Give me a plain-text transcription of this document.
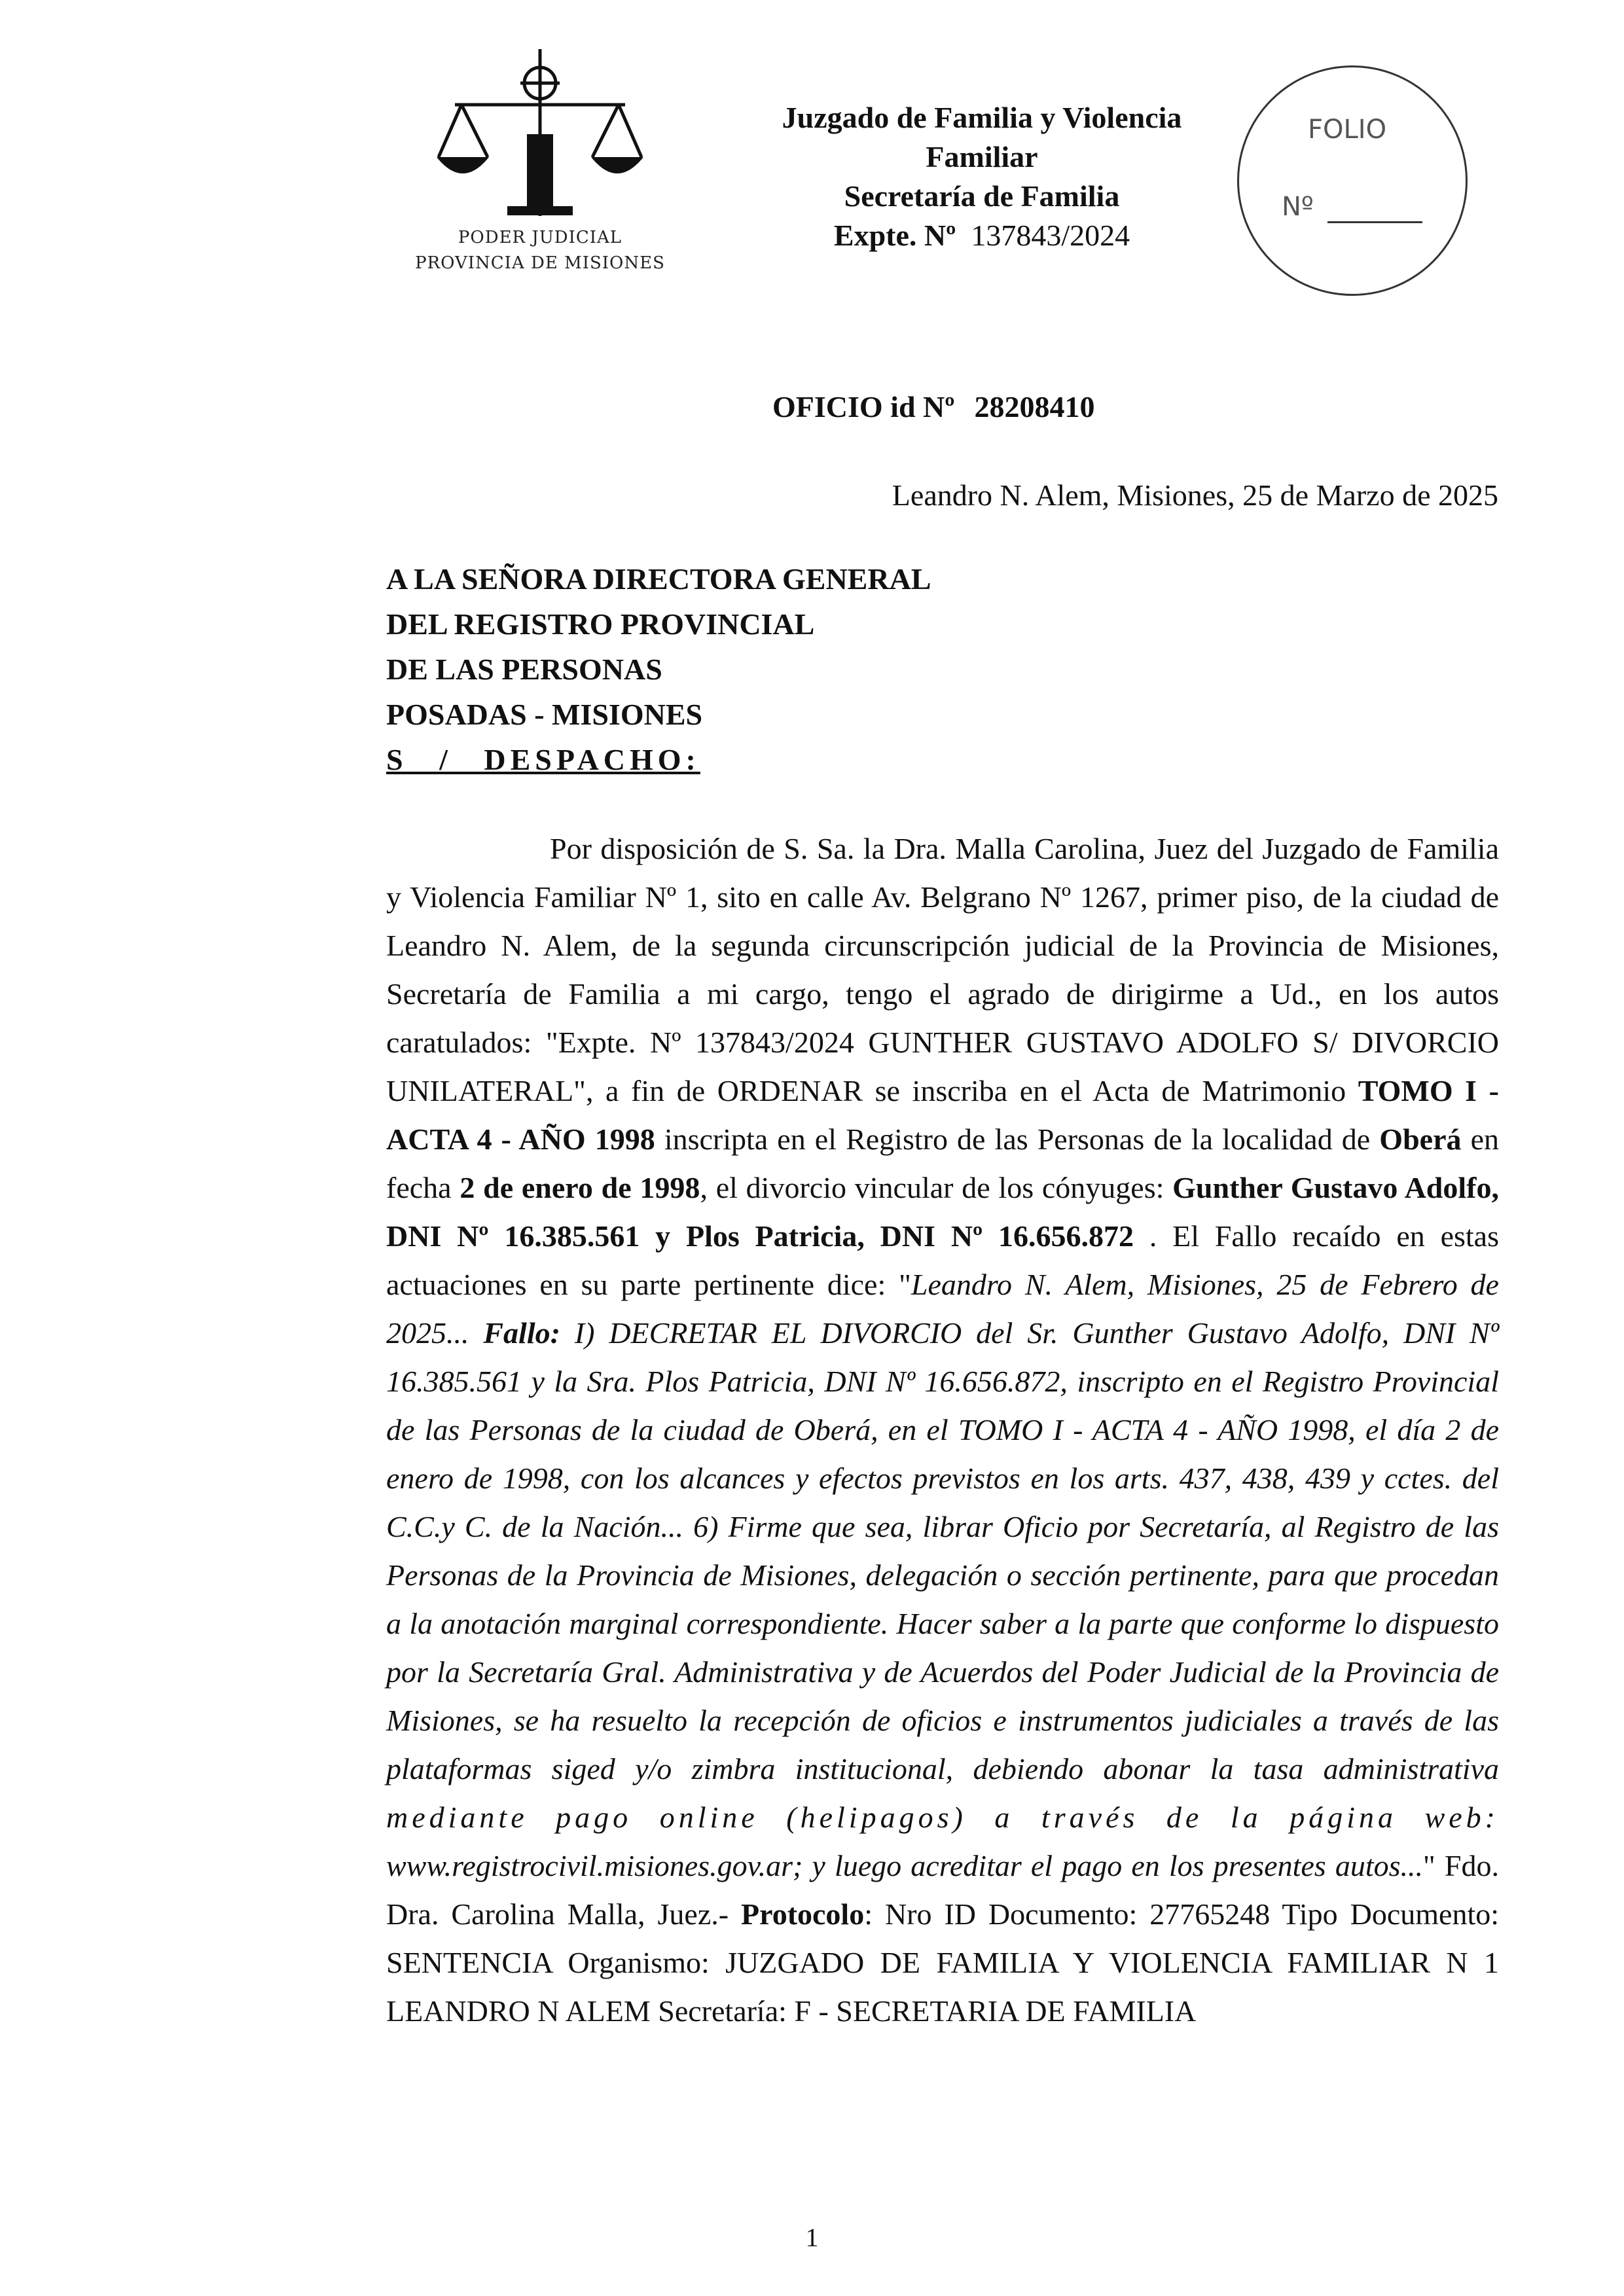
PODER JUDICIAL
PROVINCIA DE MISIONES
Juzgado de Familia y Violencia
Familiar
Secretaría de Familia
Expte. Nº 137843/2024
FOLIO
Nº
OFICIO id Nº 28208410
Leandro N. Alem, Misiones, 25 de Marzo de 2025
A LA SEÑORA DIRECTORA GENERAL
DEL REGISTRO PROVINCIAL
DE LAS PERSONAS
POSADAS - MISIONES
S / DESPACHO:
Por disposición de S. Sa. la Dra. Malla Carolina, Juez del Juzgado de Familia y Violencia Familiar Nº 1, sito en calle Av. Belgrano Nº 1267, primer piso, de la ciudad de Leandro N. Alem, de la segunda circunscripción judicial de la Provincia de Misiones, Secretaría de Familia a mi cargo, tengo el agrado de dirigirme a Ud., en los autos caratulados: "Expte. Nº 137843/2024 GUNTHER GUSTAVO ADOLFO S/ DIVORCIO UNILATERAL", a fin de ORDENAR se inscriba en el Acta de Matrimonio TOMO I - ACTA 4 - AÑO 1998 inscripta en el Registro de las Personas de la localidad de Oberá en fecha 2 de enero de 1998, el divorcio vincular de los cónyuges: Gunther Gustavo Adolfo, DNI Nº 16.385.561 y Plos Patricia, DNI Nº 16.656.872 . El Fallo recaído en estas actuaciones en su parte pertinente dice: "Leandro N. Alem, Misiones, 25 de Febrero de 2025... Fallo: I) DECRETAR EL DIVORCIO del Sr. Gunther Gustavo Adolfo, DNI Nº 16.385.561 y la Sra. Plos Patricia, DNI Nº 16.656.872, inscripto en el Registro Provincial de las Personas de la ciudad de Oberá, en el TOMO I - ACTA 4 - AÑO 1998, el día 2 de enero de 1998, con los alcances y efectos previstos en los arts. 437, 438, 439 y cctes. del C.C.y C. de la Nación... 6) Firme que sea, librar Oficio por Secretaría, al Registro de las Personas de la Provincia de Misiones, delegación o sección pertinente, para que procedan a la anotación marginal correspondiente. Hacer saber a la parte que conforme lo dispuesto por la Secretaría Gral. Administrativa y de Acuerdos del Poder Judicial de la Provincia de Misiones, se ha resuelto la recepción de oficios e instrumentos judiciales a través de las plataformas siged y/o zimbra institucional, debiendo abonar la tasa administrativa mediante pago online (helipagos) a través de la página web: www.registrocivil.misiones.gov.ar; y luego acreditar el pago en los presentes autos..." Fdo. Dra. Carolina Malla, Juez.- Protocolo: Nro ID Documento: 27765248 Tipo Documento: SENTENCIA Organismo: JUZGADO DE FAMILIA Y VIOLENCIA FAMILIAR N 1 LEANDRO N ALEM Secretaría: F - SECRETARIA DE FAMILIA
1
